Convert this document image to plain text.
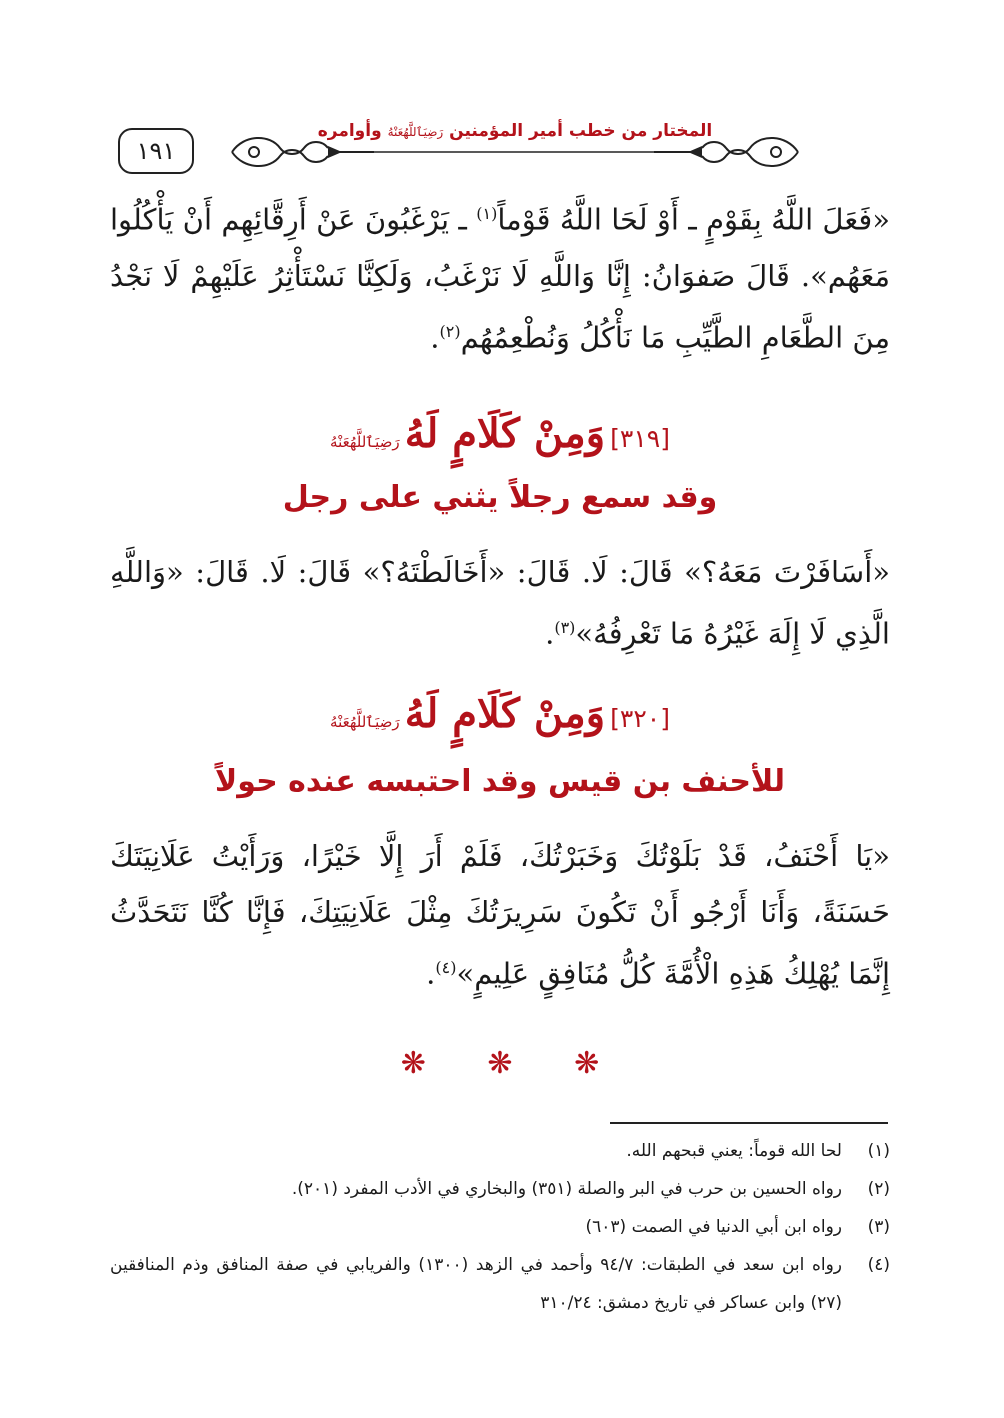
١٩١
المختار من خطب أمير المؤمنين رَضِيَٱللَّهُعَنْهُ وأوامره
«فَعَلَ اللَّهُ بِقَوْمٍ ـ أَوْ لَحَا اللَّهُ قَوْماً$^{(١)}$ ـ يَرْغَبُونَ عَنْ أَرِقَّائِهِم أَنْ يَأْكُلُوا مَعَهُم». قَالَ صَفوَانُ: إِنَّا وَاللَّهِ لَا نَرْغَبُ، وَلَكِنَّا نَسْتَأْثِرُ عَلَيْهِمْ لَا نَجْدُ مِنَ الطَّعَامِ الطَّيِّبِ مَا نَأْكُلُ وَنُطْعِمُهُم$^{(٢)}$.
[٣١٩] وَمِنْ كَلَامٍ لَهُ رَضِيَٱللَّهُعَنْهُ
وقد سمع رجلاً يثني على رجل
«أَسَافَرْتَ مَعَهُ؟» قَالَ: لَا. قَالَ: «أَخَالَطْتَهُ؟» قَالَ: لَا. قَالَ: «وَاللَّهِ الَّذِي لَا إِلَهَ غَيْرُهُ مَا تَعْرِفُهُ»$^{(٣)}$.
[٣٢٠] وَمِنْ كَلَامٍ لَهُ رَضِيَٱللَّهُعَنْهُ
للأحنف بن قيس وقد احتبسه عنده حولاً
«يَا أَحْنَفُ، قَدْ بَلَوْتُكَ وَخَبَرْتُكَ، فَلَمْ أَرَ إِلَّا خَيْرًا، وَرَأَيْتُ عَلَانِيَتَكَ حَسَنَةً، وَأَنَا أَرْجُو أَنْ تَكُونَ سَرِيرَتُكَ مِثْلَ عَلَانِيَتِكَ، فَإِنَّا كُنَّا نَتَحَدَّثُ إِنَّمَا يُهْلِكُ هَذِهِ الْأُمَّةَ كُلُّ مُنَافِقٍ عَلِيمٍ»$^{(٤)}$.
❋ ❋ ❋
(١)
لحا الله قوماً: يعني قبحهم الله.
(٢)
رواه الحسين بن حرب في البر والصلة (٣٥١) والبخاري في الأدب المفرد (٢٠١).
(٣)
رواه ابن أبي الدنيا في الصمت (٦٠٣)
(٤)
رواه ابن سعد في الطبقات: ٩٤/٧ وأحمد في الزهد (١٣٠٠) والفريابي في صفة المنافق وذم المنافقين (٢٧) وابن عساكر في تاريخ دمشق: ٣١٠/٢٤
